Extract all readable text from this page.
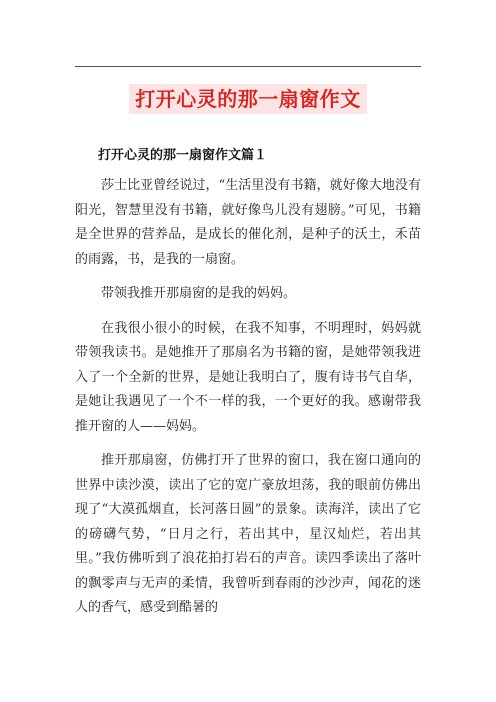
打开心灵的那一扇窗作文
打开心灵的那一扇窗作文篇１

莎士比亚曾经说过，“生活里没有书籍，就好像大地没有阳光，智慧里没有书籍，就好像鸟儿没有翅膀。”可见，书籍是全世界的营养品，是成长的催化剂，是种子的沃土，禾苗的雨露，书，是我的一扇窗。

带领我推开那扇窗的是我的妈妈。

在我很小很小的时候，在我不知事，不明理时，妈妈就带领我读书。是她推开了那扇名为书籍的窗，是她带领我进入了一个全新的世界，是她让我明白了，腹有诗书气自华，是她让我遇见了一个不一样的我，一个更好的我。感谢带我推开窗的人——妈妈。

推开那扇窗，仿佛打开了世界的窗口，我在窗口通向的世界中读沙漠，读出了它的宽广豪放坦荡，我的眼前仿佛出现了“大漠孤烟直，长河落日圆”的景象。读海洋，读出了它的磅礴气势，“日月之行，若出其中，星汉灿烂，若出其里。”我仿佛听到了浪花拍打岩石的声音。读四季读出了落叶的飘零声与无声的柔情，我曾听到春雨的沙沙声，闻花的迷人的香气，感受到酷暑的
